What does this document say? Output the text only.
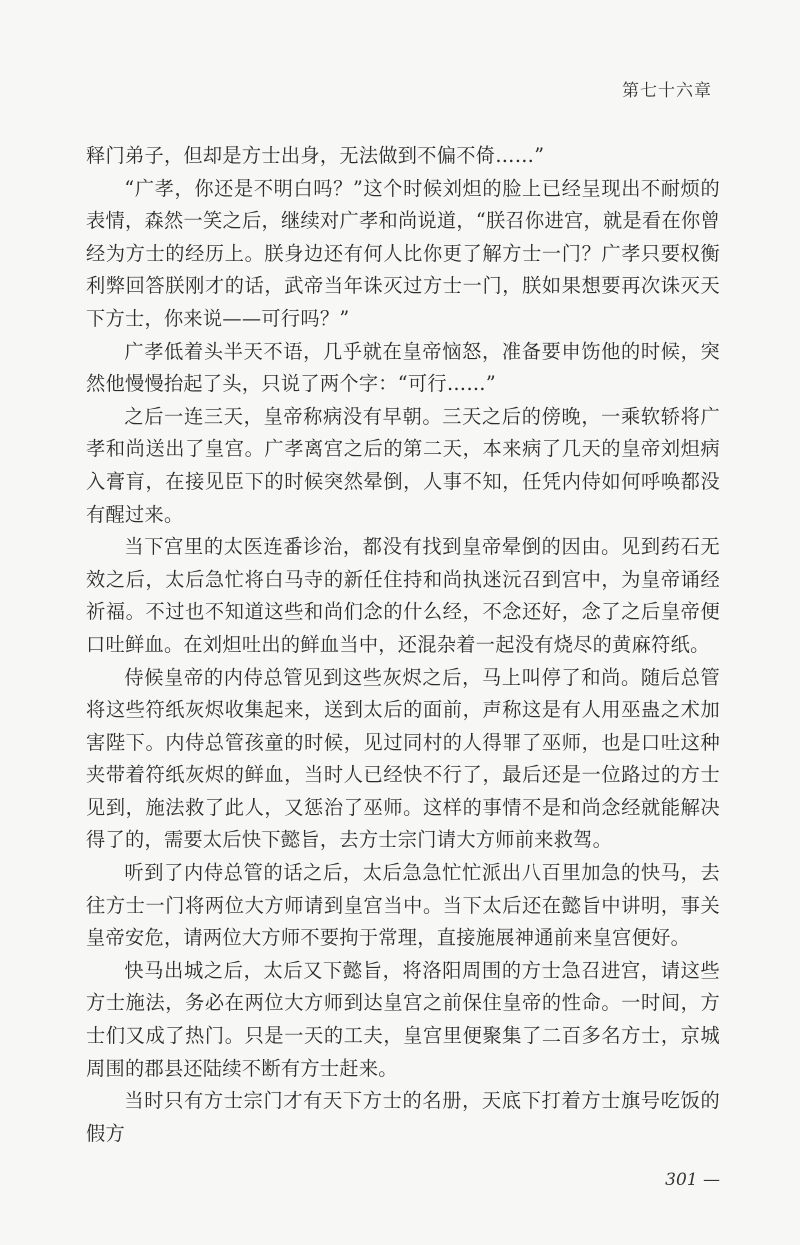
第七十六章

释门弟子，但却是方士出身，无法做到不偏不倚……”

“广孝，你还是不明白吗？”这个时候刘炟的脸上已经呈现出不耐烦的表情，森然一笑之后，继续对广孝和尚说道，“朕召你进宫，就是看在你曾经为方士的经历上。朕身边还有何人比你更了解方士一门？广孝只要权衡利弊回答朕刚才的话，武帝当年诛灭过方士一门，朕如果想要再次诛灭天下方士，你来说——可行吗？”

广孝低着头半天不语，几乎就在皇帝恼怒，准备要申饬他的时候，突然他慢慢抬起了头，只说了两个字：“可行……”

之后一连三天，皇帝称病没有早朝。三天之后的傍晚，一乘软轿将广孝和尚送出了皇宫。广孝离宫之后的第二天，本来病了几天的皇帝刘炟病入膏肓，在接见臣下的时候突然晕倒，人事不知，任凭内侍如何呼唤都没有醒过来。

当下宫里的太医连番诊治，都没有找到皇帝晕倒的因由。见到药石无效之后，太后急忙将白马寺的新任住持和尚执迷沅召到宫中，为皇帝诵经祈福。不过也不知道这些和尚们念的什么经，不念还好，念了之后皇帝便口吐鲜血。在刘炟吐出的鲜血当中，还混杂着一起没有烧尽的黄麻符纸。

侍候皇帝的内侍总管见到这些灰烬之后，马上叫停了和尚。随后总管将这些符纸灰烬收集起来，送到太后的面前，声称这是有人用巫蛊之术加害陛下。内侍总管孩童的时候，见过同村的人得罪了巫师，也是口吐这种夹带着符纸灰烬的鲜血，当时人已经快不行了，最后还是一位路过的方士见到，施法救了此人，又惩治了巫师。这样的事情不是和尚念经就能解决得了的，需要太后快下懿旨，去方士宗门请大方师前来救驾。

听到了内侍总管的话之后，太后急急忙忙派出八百里加急的快马，去往方士一门将两位大方师请到皇宫当中。当下太后还在懿旨中讲明，事关皇帝安危，请两位大方师不要拘于常理，直接施展神通前来皇宫便好。

快马出城之后，太后又下懿旨，将洛阳周围的方士急召进宫，请这些方士施法，务必在两位大方师到达皇宫之前保住皇帝的性命。一时间，方士们又成了热门。只是一天的工夫，皇宫里便聚集了二百多名方士，京城周围的郡县还陆续不断有方士赶来。

当时只有方士宗门才有天下方士的名册，天底下打着方士旗号吃饭的假方

301 —
